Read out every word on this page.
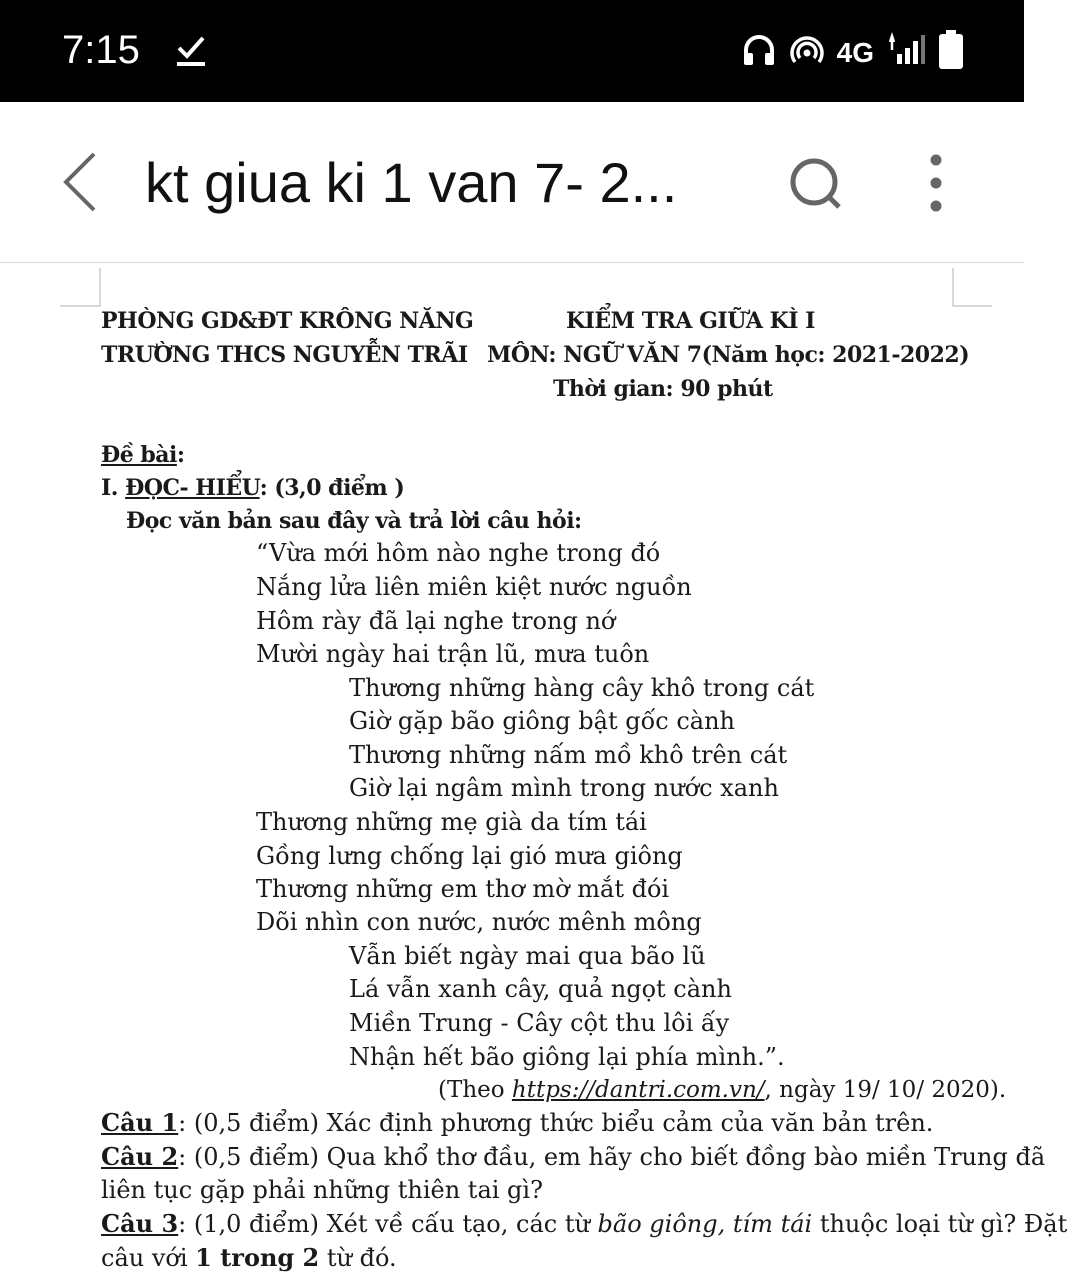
7:15	4G
kt giua ki 1 van 7- 2...
PHÒNG GD&ĐT KRÔNG NĂNG
TRƯỜNG THCS NGUYỄN TRÃI
KIỂM TRA GIỮA KÌ I
MÔN: NGỮ VĂN 7(Năm học: 2021-2022)
Thời gian: 90 phút
Đề bài:
I. ĐỌC- HIỂU: (3,0 điểm )
Đọc văn bản sau đây và trả lời câu hỏi:
“Vừa mới hôm nào nghe trong đó
Nắng lửa liên miên kiệt nước nguồn
Hôm rày đã lại nghe trong nớ
Mười ngày hai trận lũ, mưa tuôn
Thương những hàng cây khô trong cát
Giờ gặp bão giông bật gốc cành
Thương những nấm mồ khô trên cát
Giờ lại ngâm mình trong nước xanh
Thương những mẹ già da tím tái
Gồng lưng chống lại gió mưa giông
Thương những em thơ mờ mắt đói
Dõi nhìn con nước, nước mênh mông
Vẫn biết ngày mai qua bão lũ
Lá vẫn xanh cây, quả ngọt cành
Miền Trung - Cây cột thu lôi ấy
Nhận hết bão giông lại phía mình.”.
(Theo https://dantri.com.vn/, ngày 19/ 10/ 2020).
Câu 1: (0,5 điểm) Xác định phương thức biểu cảm của văn bản trên.
Câu 2: (0,5 điểm) Qua khổ thơ đầu, em hãy cho biết đồng bào miền Trung đã
liên tục gặp phải những thiên tai gì?
Câu 3: (1,0 điểm) Xét về cấu tạo, các từ bão giông, tím tái thuộc loại từ gì? Đặt
câu với 1 trong 2 từ đó.
